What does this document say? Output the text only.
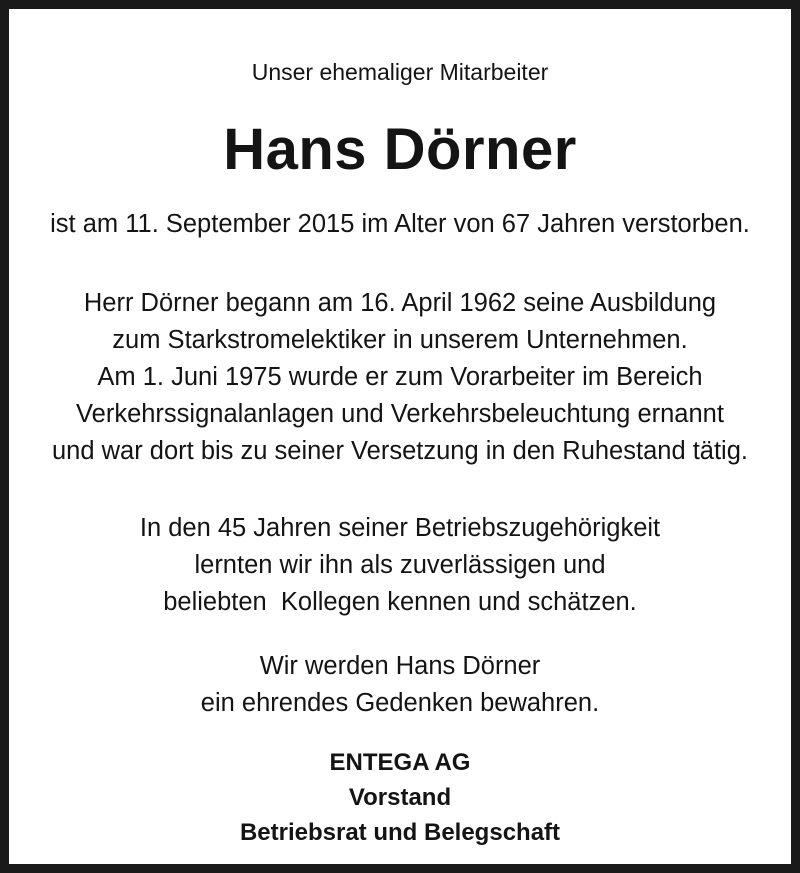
Unser ehemaliger Mitarbeiter

Hans Dörner

ist am 11. September 2015 im Alter von 67 Jahren verstorben.

Herr Dörner begann am 16. April 1962 seine Ausbildung
zum Starkstromelektiker in unserem Unternehmen.
Am 1. Juni 1975 wurde er zum Vorarbeiter im Bereich
Verkehrssignalanlagen und Verkehrsbeleuchtung ernannt
und war dort bis zu seiner Versetzung in den Ruhestand tätig.

In den 45 Jahren seiner Betriebszugehörigkeit
lernten wir ihn als zuverlässigen und
beliebten  Kollegen kennen und schätzen.

Wir werden Hans Dörner
ein ehrendes Gedenken bewahren.

ENTEGA AG
Vorstand
Betriebsrat und Belegschaft
